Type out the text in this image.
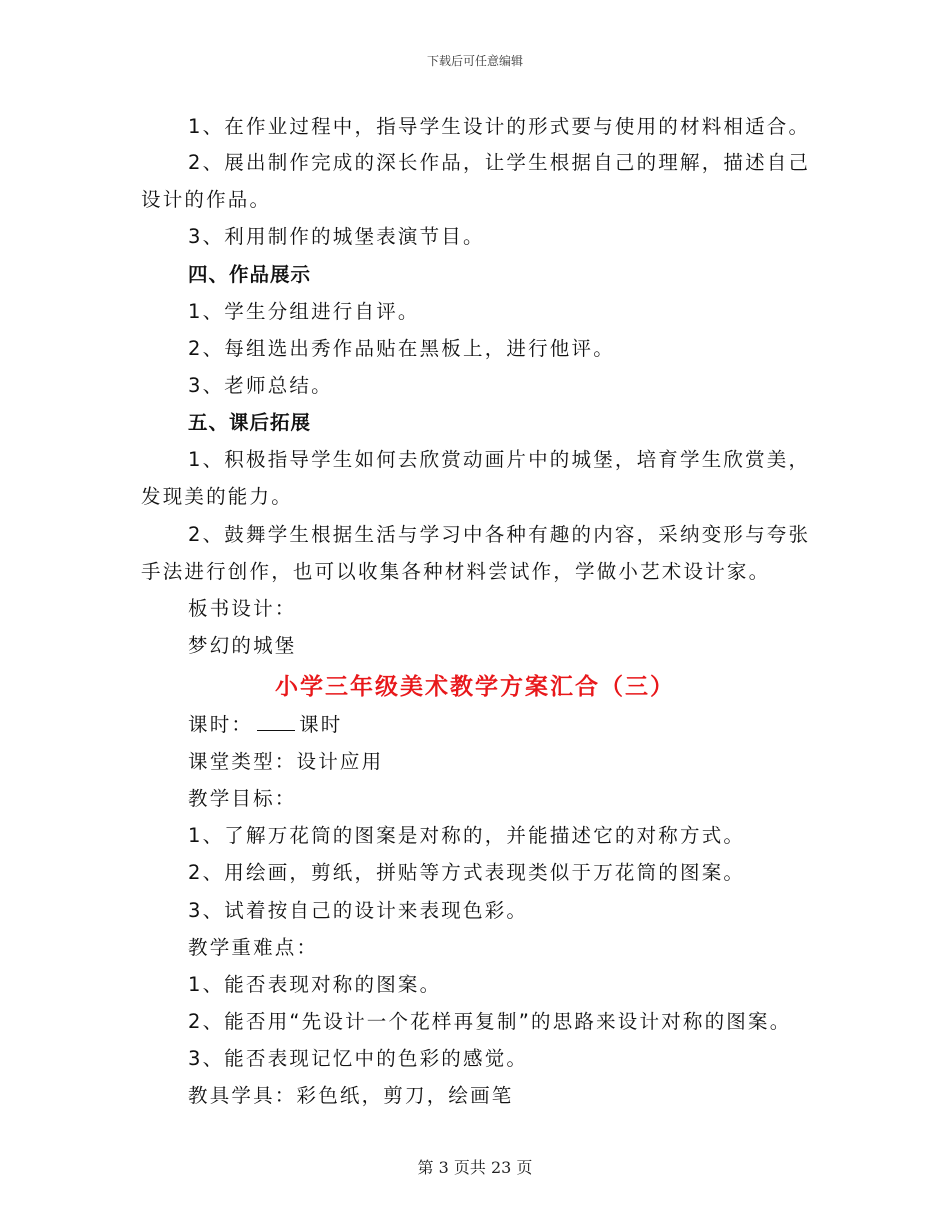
下载后可任意编辑
1、在作业过程中，指导学生设计的形式要与使用的材料相适合。
2、展出制作完成的深长作品，让学生根据自己的理解，描述自己
设计的作品。
3、利用制作的城堡表演节目。
四、作品展示
1、学生分组进行自评。
2、每组选出秀作品贴在黑板上，进行他评。
3、老师总结。
五、课后拓展
1、积极指导学生如何去欣赏动画片中的城堡，培育学生欣赏美，
发现美的能力。
2、鼓舞学生根据生活与学习中各种有趣的内容，采纳变形与夸张
手法进行创作，也可以收集各种材料尝试作，学做小艺术设计家。
板书设计：
梦幻的城堡
小学三年级美术教学方案汇合（三）
课时： 课时
课堂类型：设计应用
教学目标：
1、了解万花筒的图案是对称的，并能描述它的对称方式。
2、用绘画，剪纸，拼贴等方式表现类似于万花筒的图案。
3、试着按自己的设计来表现色彩。
教学重难点：
1、能否表现对称的图案。
2、能否用“先设计一个花样再复制”的思路来设计对称的图案。
3、能否表现记忆中的色彩的感觉。
教具学具：彩色纸，剪刀，绘画笔
第 3 页共 23 页
